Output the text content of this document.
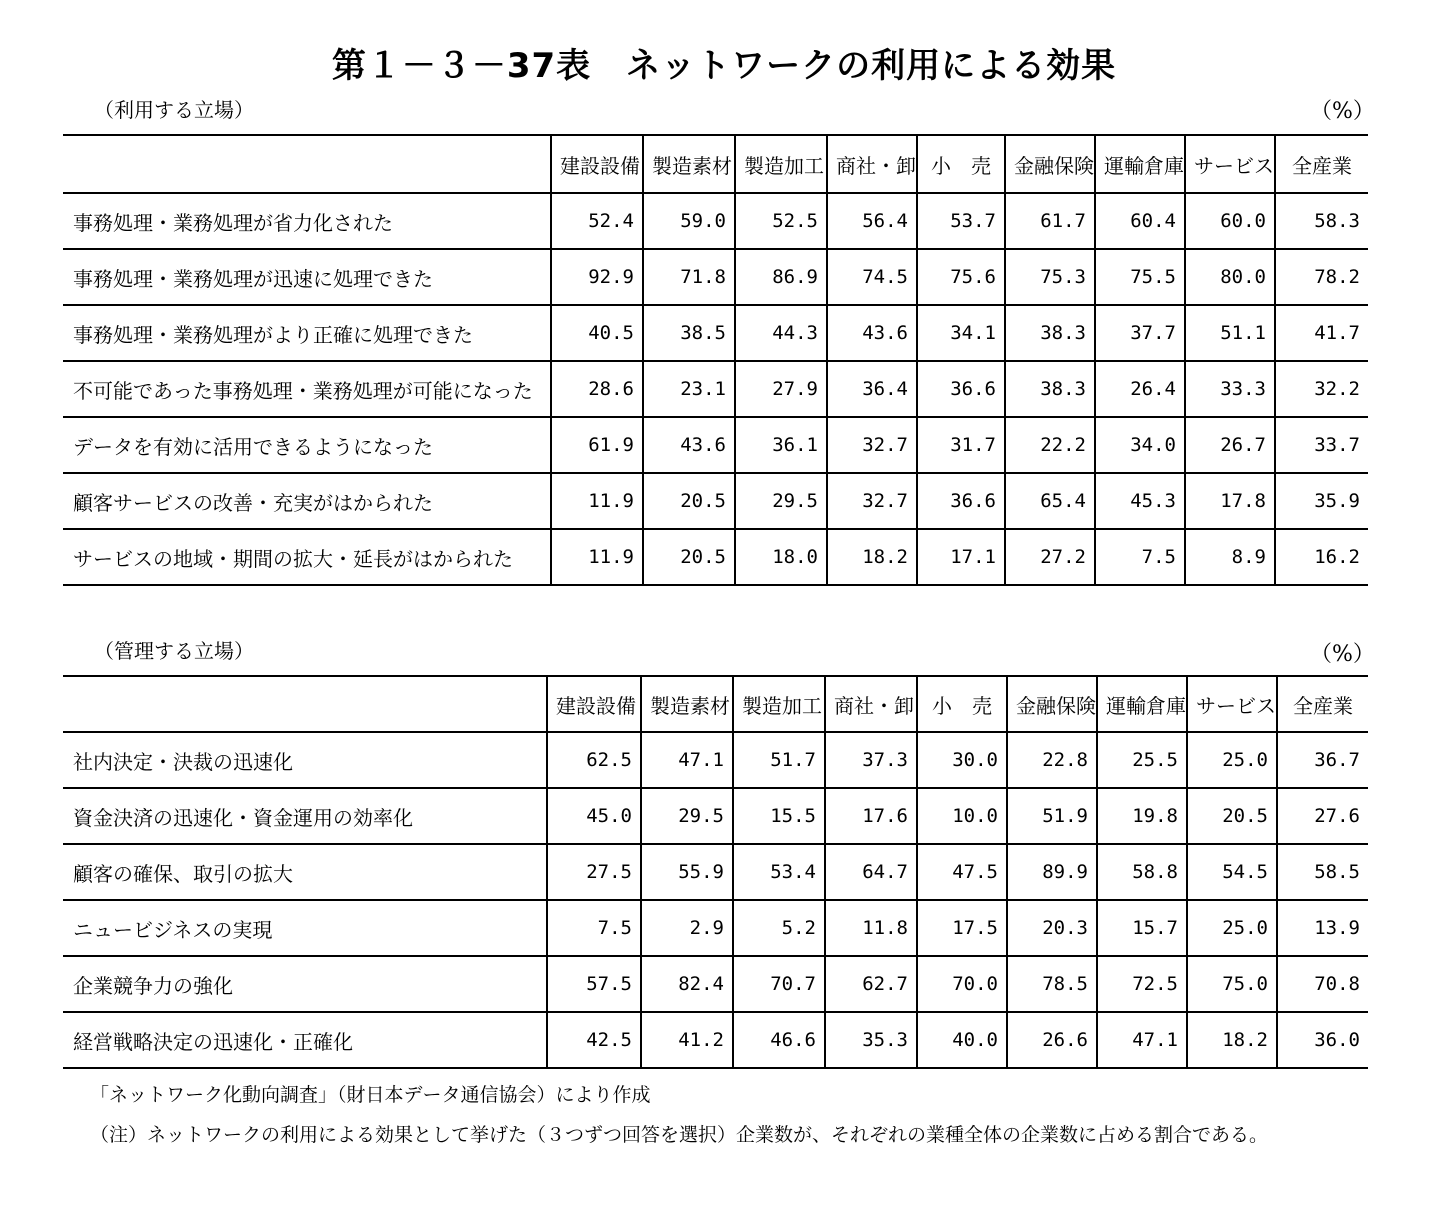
第１－３－37表　ネットワークの利用による効果
（利用する立場）	（%）
	建設設備	製造素材	製造加工	商社・卸	小　売	金融保険	運輸倉庫	サービス	全産業
事務処理・業務処理が省力化された	52.4	59.0	52.5	56.4	53.7	61.7	60.4	60.0	58.3
事務処理・業務処理が迅速に処理できた	92.9	71.8	86.9	74.5	75.6	75.3	75.5	80.0	78.2
事務処理・業務処理がより正確に処理できた	40.5	38.5	44.3	43.6	34.1	38.3	37.7	51.1	41.7
不可能であった事務処理・業務処理が可能になった	28.6	23.1	27.9	36.4	36.6	38.3	26.4	33.3	32.2
データを有効に活用できるようになった	61.9	43.6	36.1	32.7	31.7	22.2	34.0	26.7	33.7
顧客サービスの改善・充実がはかられた	11.9	20.5	29.5	32.7	36.6	65.4	45.3	17.8	35.9
サービスの地域・期間の拡大・延長がはかられた	11.9	20.5	18.0	18.2	17.1	27.2	7.5	8.9	16.2
（管理する立場）	（%）
	建設設備	製造素材	製造加工	商社・卸	小　売	金融保険	運輸倉庫	サービス	全産業
社内決定・決裁の迅速化	62.5	47.1	51.7	37.3	30.0	22.8	25.5	25.0	36.7
資金決済の迅速化・資金運用の効率化	45.0	29.5	15.5	17.6	10.0	51.9	19.8	20.5	27.6
顧客の確保、取引の拡大	27.5	55.9	53.4	64.7	47.5	89.9	58.8	54.5	58.5
ニュービジネスの実現	7.5	2.9	5.2	11.8	17.5	20.3	15.7	25.0	13.9
企業競争力の強化	57.5	82.4	70.7	62.7	70.0	78.5	72.5	75.0	70.8
経営戦略決定の迅速化・正確化	42.5	41.2	46.6	35.3	40.0	26.6	47.1	18.2	36.0
「ネットワーク化動向調査」（財日本データ通信協会）により作成
（注）ネットワークの利用による効果として挙げた（３つずつ回答を選択）企業数が、それぞれの業種全体の企業数に占める割合である。
